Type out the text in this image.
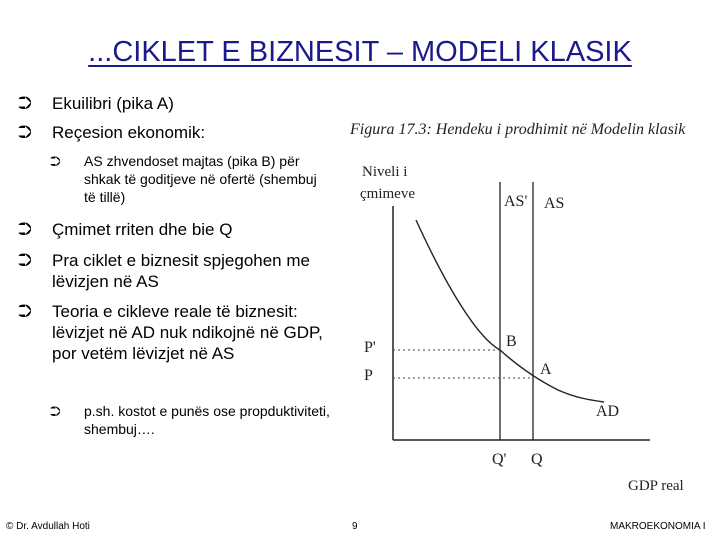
...CIKLET E BIZNESIT – MODELI KLASIK
⮊ Ekuilibri (pika A)
⮊ Reçesion ekonomik:
⮊ AS zhvendoset majtas (pika B) për shkak të goditjeve në ofertë (shembuj të tillë)
⮊ Çmimet rriten dhe bie Q
⮊ Pra ciklet e biznesit spjegohen me lëvizjen në AS
⮊ Teoria e cikleve reale të biznesit: lëvizjet në AD nuk ndikojnë në GDP, por vetëm lëvizjet në AS
⮊ p.sh. kostot e punës ose propduktiviteti, shembuj….
Figura 17.3: Hendeku i prodhimit në Modelin klasik
Niveli i
çmimeve	AS' AS
AD
B
A
P'
P
Q' Q
GDP real
© Dr. Avdullah Hoti	9	MAKROEKONOMIA I
